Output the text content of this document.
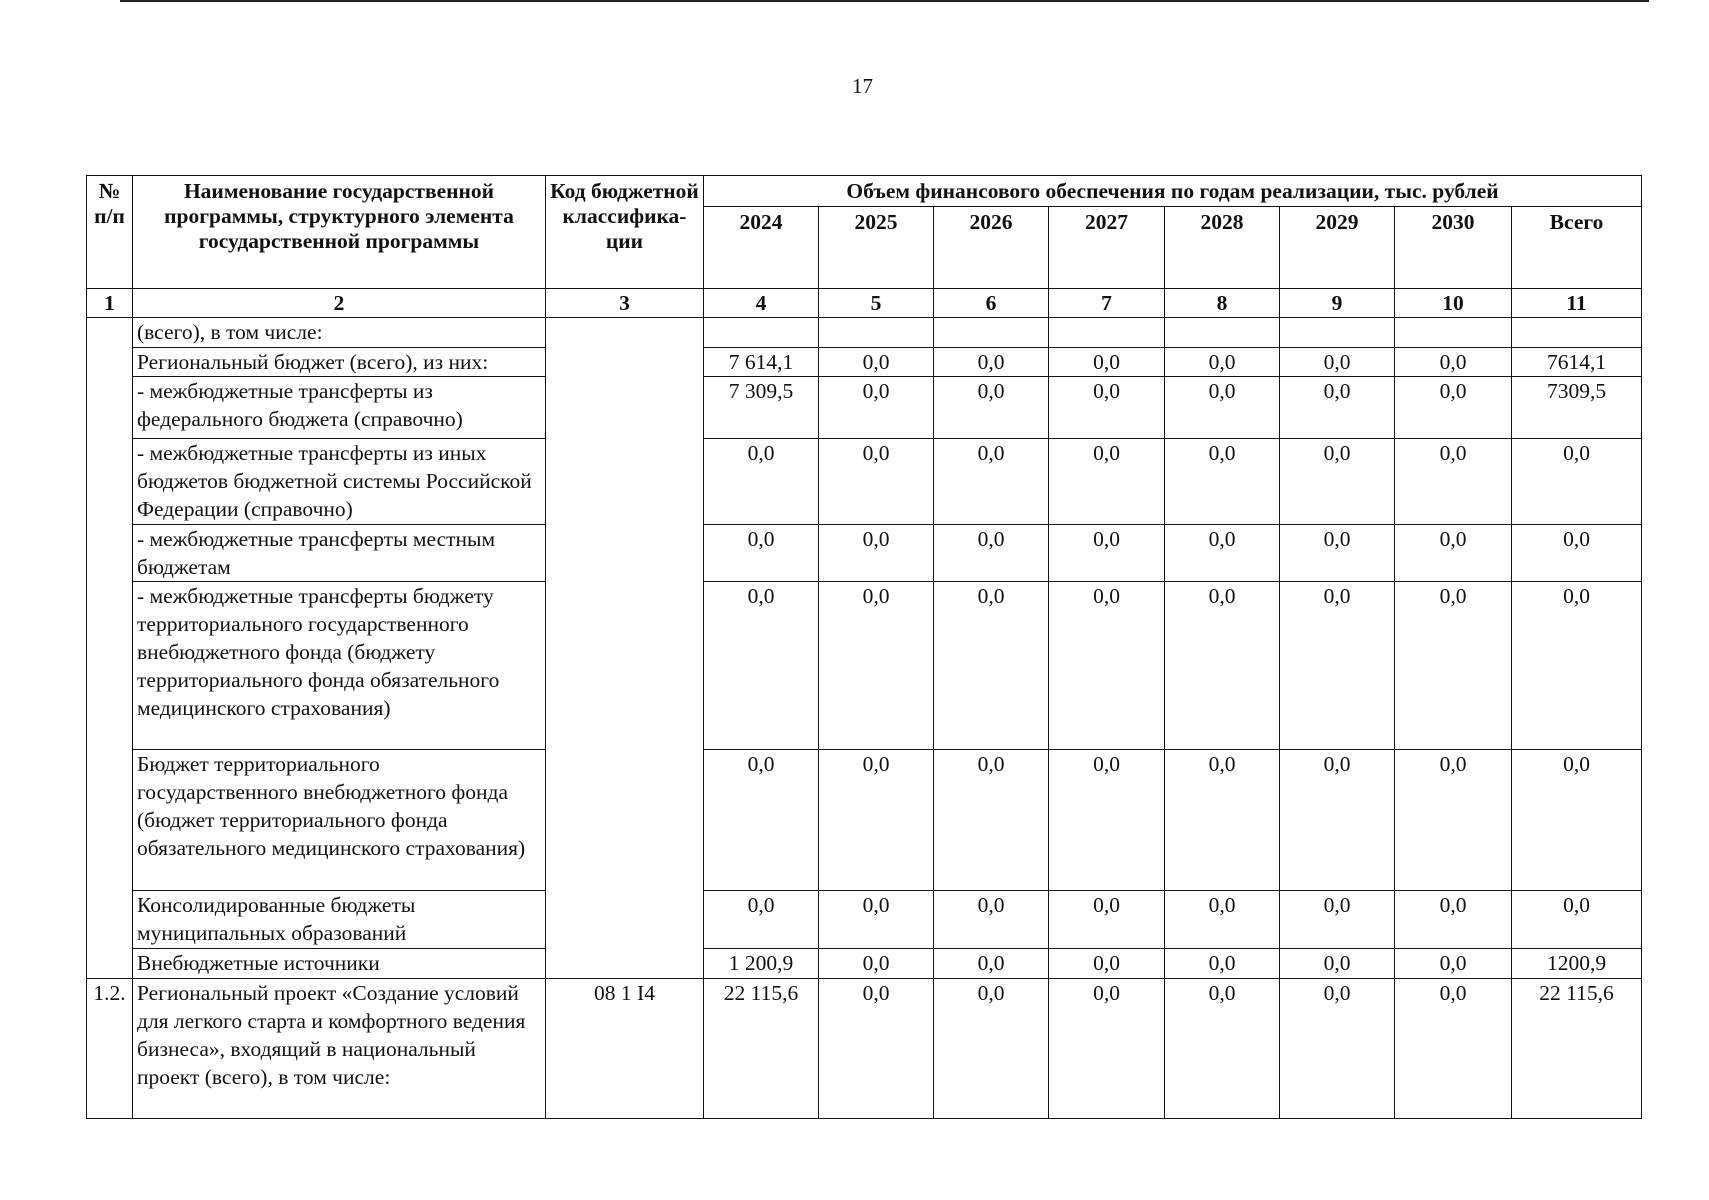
17
№ п/п	Наименование государственной программы, структурного элемента государственной программы	Код бюджетной классифика-ции	Объем финансового обеспечения по годам реализации, тыс. рублей							
			2024	2025	2026	2027	2028	2029	2030	Всего
1	2	3	4	5	6	7	8	9	10	11
	(всего), в том числе:									
	Региональный бюджет (всего), из них:		7 614,1	0,0	0,0	0,0	0,0	0,0	0,0	7614,1
	- межбюджетные трансферты из федерального бюджета (справочно)		7 309,5	0,0	0,0	0,0	0,0	0,0	0,0	7309,5
	- межбюджетные трансферты из иных бюджетов бюджетной системы Российской Федерации (справочно)		0,0	0,0	0,0	0,0	0,0	0,0	0,0	0,0
	- межбюджетные трансферты местным бюджетам		0,0	0,0	0,0	0,0	0,0	0,0	0,0	0,0
	- межбюджетные трансферты бюджету территориального государственного внебюджетного фонда (бюджету территориального фонда обязательного медицинского страхования)		0,0	0,0	0,0	0,0	0,0	0,0	0,0	0,0
	Бюджет территориального государственного внебюджетного фонда (бюджет территориального фонда обязательного медицинского страхования)		0,0	0,0	0,0	0,0	0,0	0,0	0,0	0,0
	Консолидированные бюджеты муниципальных образований		0,0	0,0	0,0	0,0	0,0	0,0	0,0	0,0
	Внебюджетные источники		1 200,9	0,0	0,0	0,0	0,0	0,0	0,0	1200,9
1.2.	Региональный проект «Создание условий для легкого старта и комфортного ведения бизнеса», входящий в национальный проект (всего), в том числе:	08 1 I4	22 115,6	0,0	0,0	0,0	0,0	0,0	0,0	22 115,6
